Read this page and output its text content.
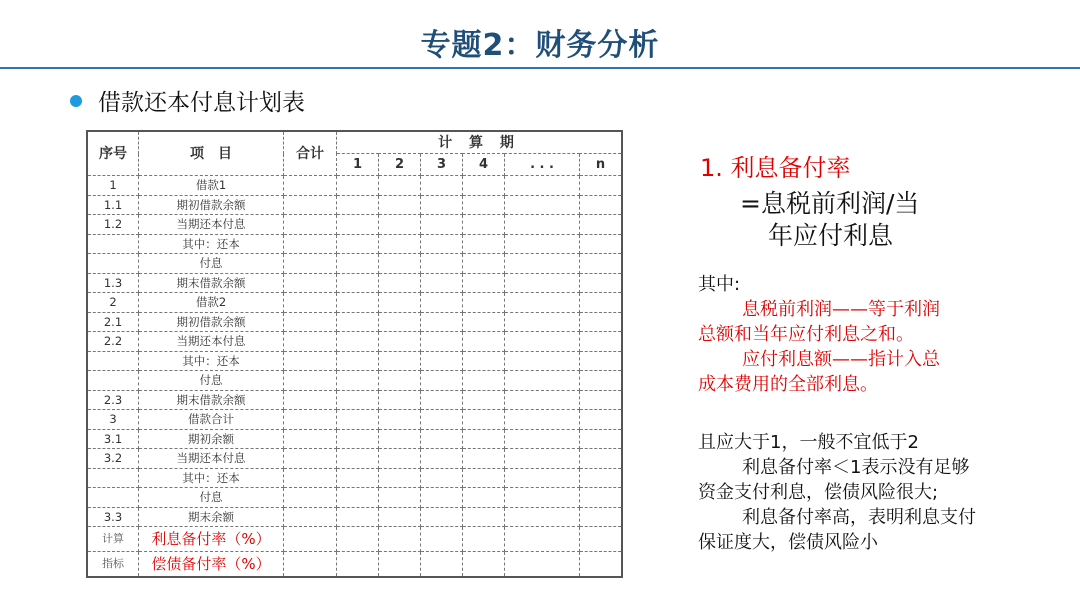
专题2：财务分析
借款还本付息计划表
序号	项　目	合计	计 算 期					
			1	2	3	4	. . .	n
1	借款1							
1.1	期初借款余额							
1.2	当期还本付息							
	其中：还本							
	付息							
1.3	期末借款余额							
2	借款2							
2.1	期初借款余额							
2.2	当期还本付息							
	其中：还本							
	付息							
2.3	期末借款余额							
3	借款合计							
3.1	期初余额							
3.2	当期还本付息							
	其中：还本							
	付息							
3.3	期末余额							
计算	利息备付率（%）							
指标	偿债备付率（%）							
1. 利息备付率
=息税前利润/当
年应付利息
其中:
息税前利润——等于利润
总额和当年应付利息之和。
应付利息额——指计入总
成本费用的全部利息。
且应大于1，一般不宜低于2
利息备付率＜1表示没有足够
资金支付利息，偿债风险很大;
利息备付率高，表明利息支付
保证度大，偿债风险小
